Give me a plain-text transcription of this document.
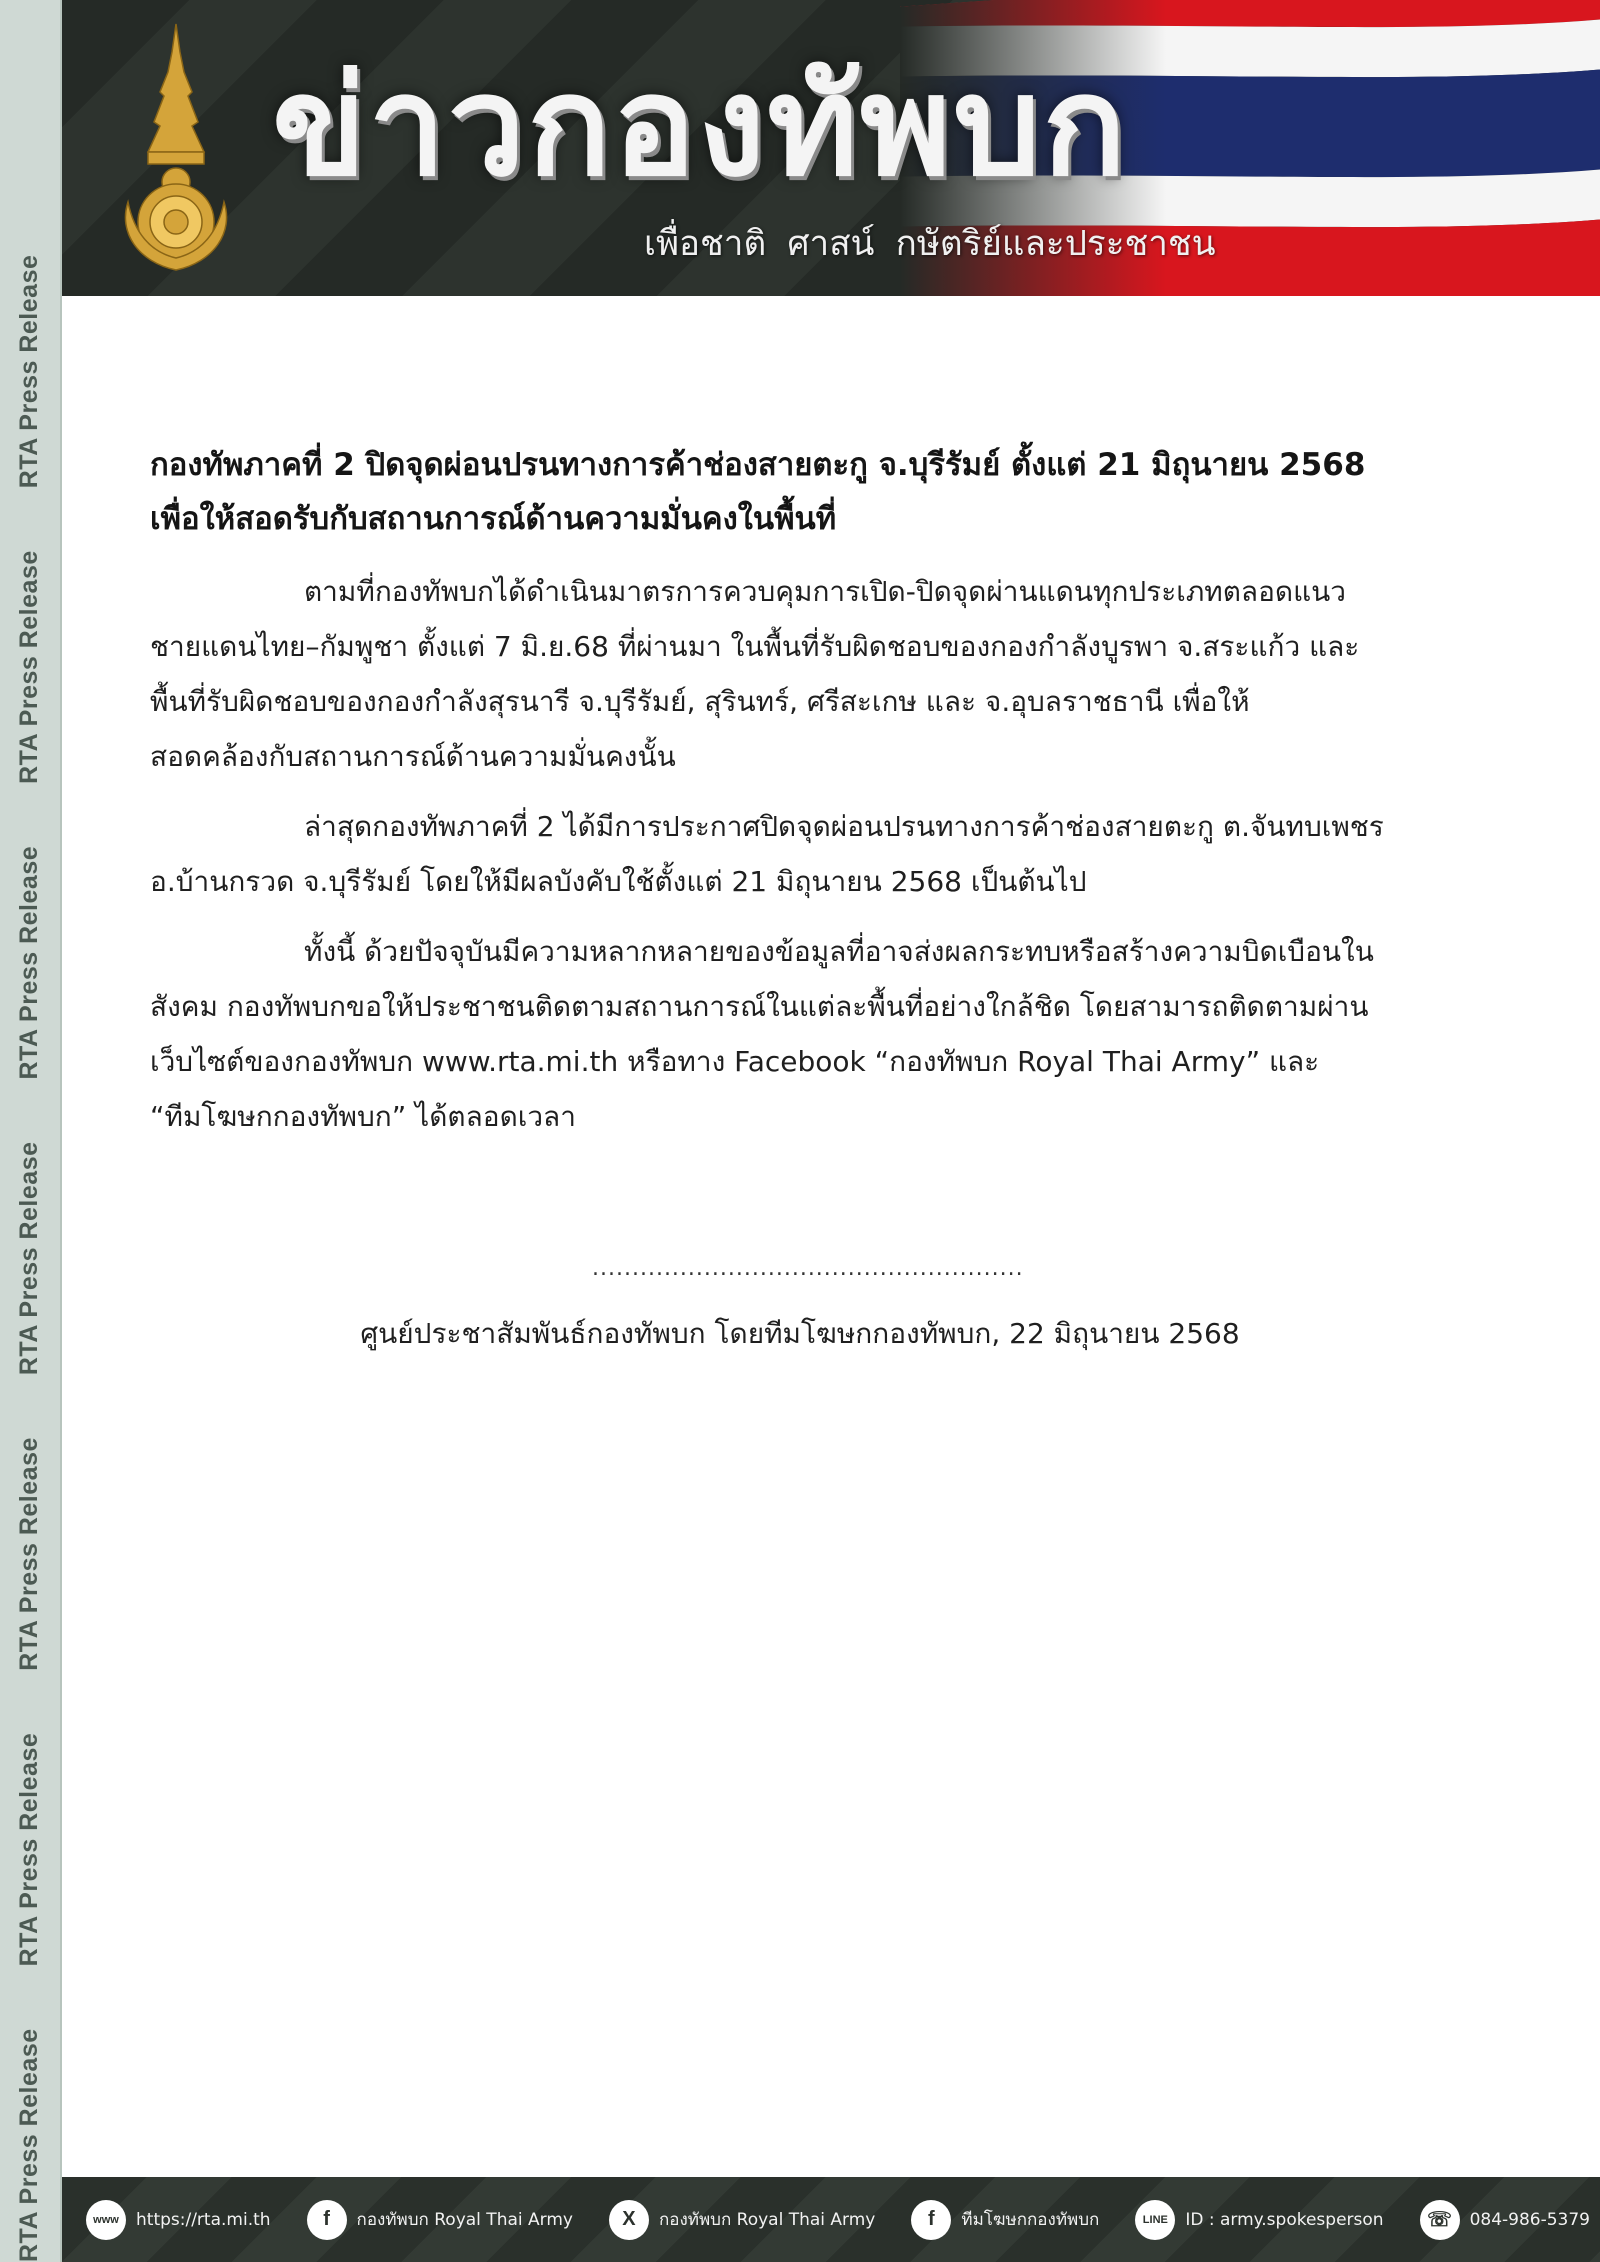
RTA Press Release
RTA Press Release
RTA Press Release
RTA Press Release
RTA Press Release
RTA Press Release
RTA Press Release
ข่าวกองทัพบก
เพื่อชาติ ศาสน์ กษัตริย์และประชาชน
กองทัพภาคที่ 2 ปิดจุดผ่อนปรนทางการค้าช่องสายตะกู จ.บุรีรัมย์ ตั้งแต่ 21 มิถุนายน 2568
เพื่อให้สอดรับกับสถานการณ์ด้านความมั่นคงในพื้นที่

ตามที่กองทัพบกได้ดำเนินมาตรการควบคุมการเปิด-ปิดจุดผ่านแดนทุกประเภทตลอดแนว
ชายแดนไทย–กัมพูชา ตั้งแต่ 7 มิ.ย.68 ที่ผ่านมา ในพื้นที่รับผิดชอบของกองกำลังบูรพา จ.สระแก้ว และ
พื้นที่รับผิดชอบของกองกำลังสุรนารี จ.บุรีรัมย์, สุรินทร์, ศรีสะเกษ และ จ.อุบลราชธานี เพื่อให้
สอดคล้องกับสถานการณ์ด้านความมั่นคงนั้น

ล่าสุดกองทัพภาคที่ 2 ได้มีการประกาศปิดจุดผ่อนปรนทางการค้าช่องสายตะกู ต.จันทบเพชร
อ.บ้านกรวด จ.บุรีรัมย์ โดยให้มีผลบังคับใช้ตั้งแต่ 21 มิถุนายน 2568 เป็นต้นไป

ทั้งนี้ ด้วยปัจจุบันมีความหลากหลายของข้อมูลที่อาจส่งผลกระทบหรือสร้างความบิดเบือนใน
สังคม กองทัพบกขอให้ประชาชนติดตามสถานการณ์ในแต่ละพื้นที่อย่างใกล้ชิด โดยสามารถติดตามผ่าน
เว็บไซต์ของกองทัพบก www.rta.mi.th หรือทาง Facebook “กองทัพบก Royal Thai Army” และ
“ทีมโฆษกกองทัพบก” ได้ตลอดเวลา

......................................................
ศูนย์ประชาสัมพันธ์กองทัพบก โดยทีมโฆษกกองทัพบก, 22 มิถุนายน 2568
www	https://rta.mi.th	f	กองทัพบก Royal Thai Army	X	กองทัพบก Royal Thai Army	f	ทีมโฆษกกองทัพบก	LINE	ID : army.spokesperson	☏	084-986-5379
